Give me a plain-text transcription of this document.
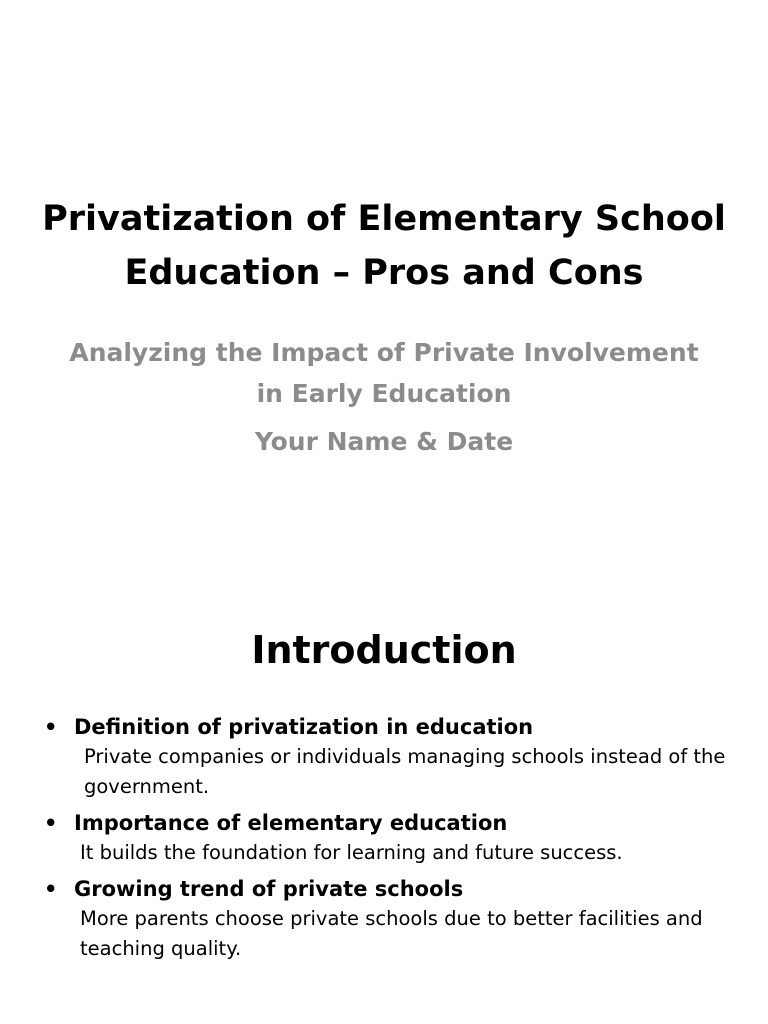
Privatization of Elementary School Education – Pros and Cons
Analyzing the Impact of Private Involvement in Early Education
Your Name & Date
Introduction
• Definition of privatization in education
Private companies or individuals managing schools instead of the government.
• Importance of elementary education
It builds the foundation for learning and future success.
• Growing trend of private schools
More parents choose private schools due to better facilities and teaching quality.
